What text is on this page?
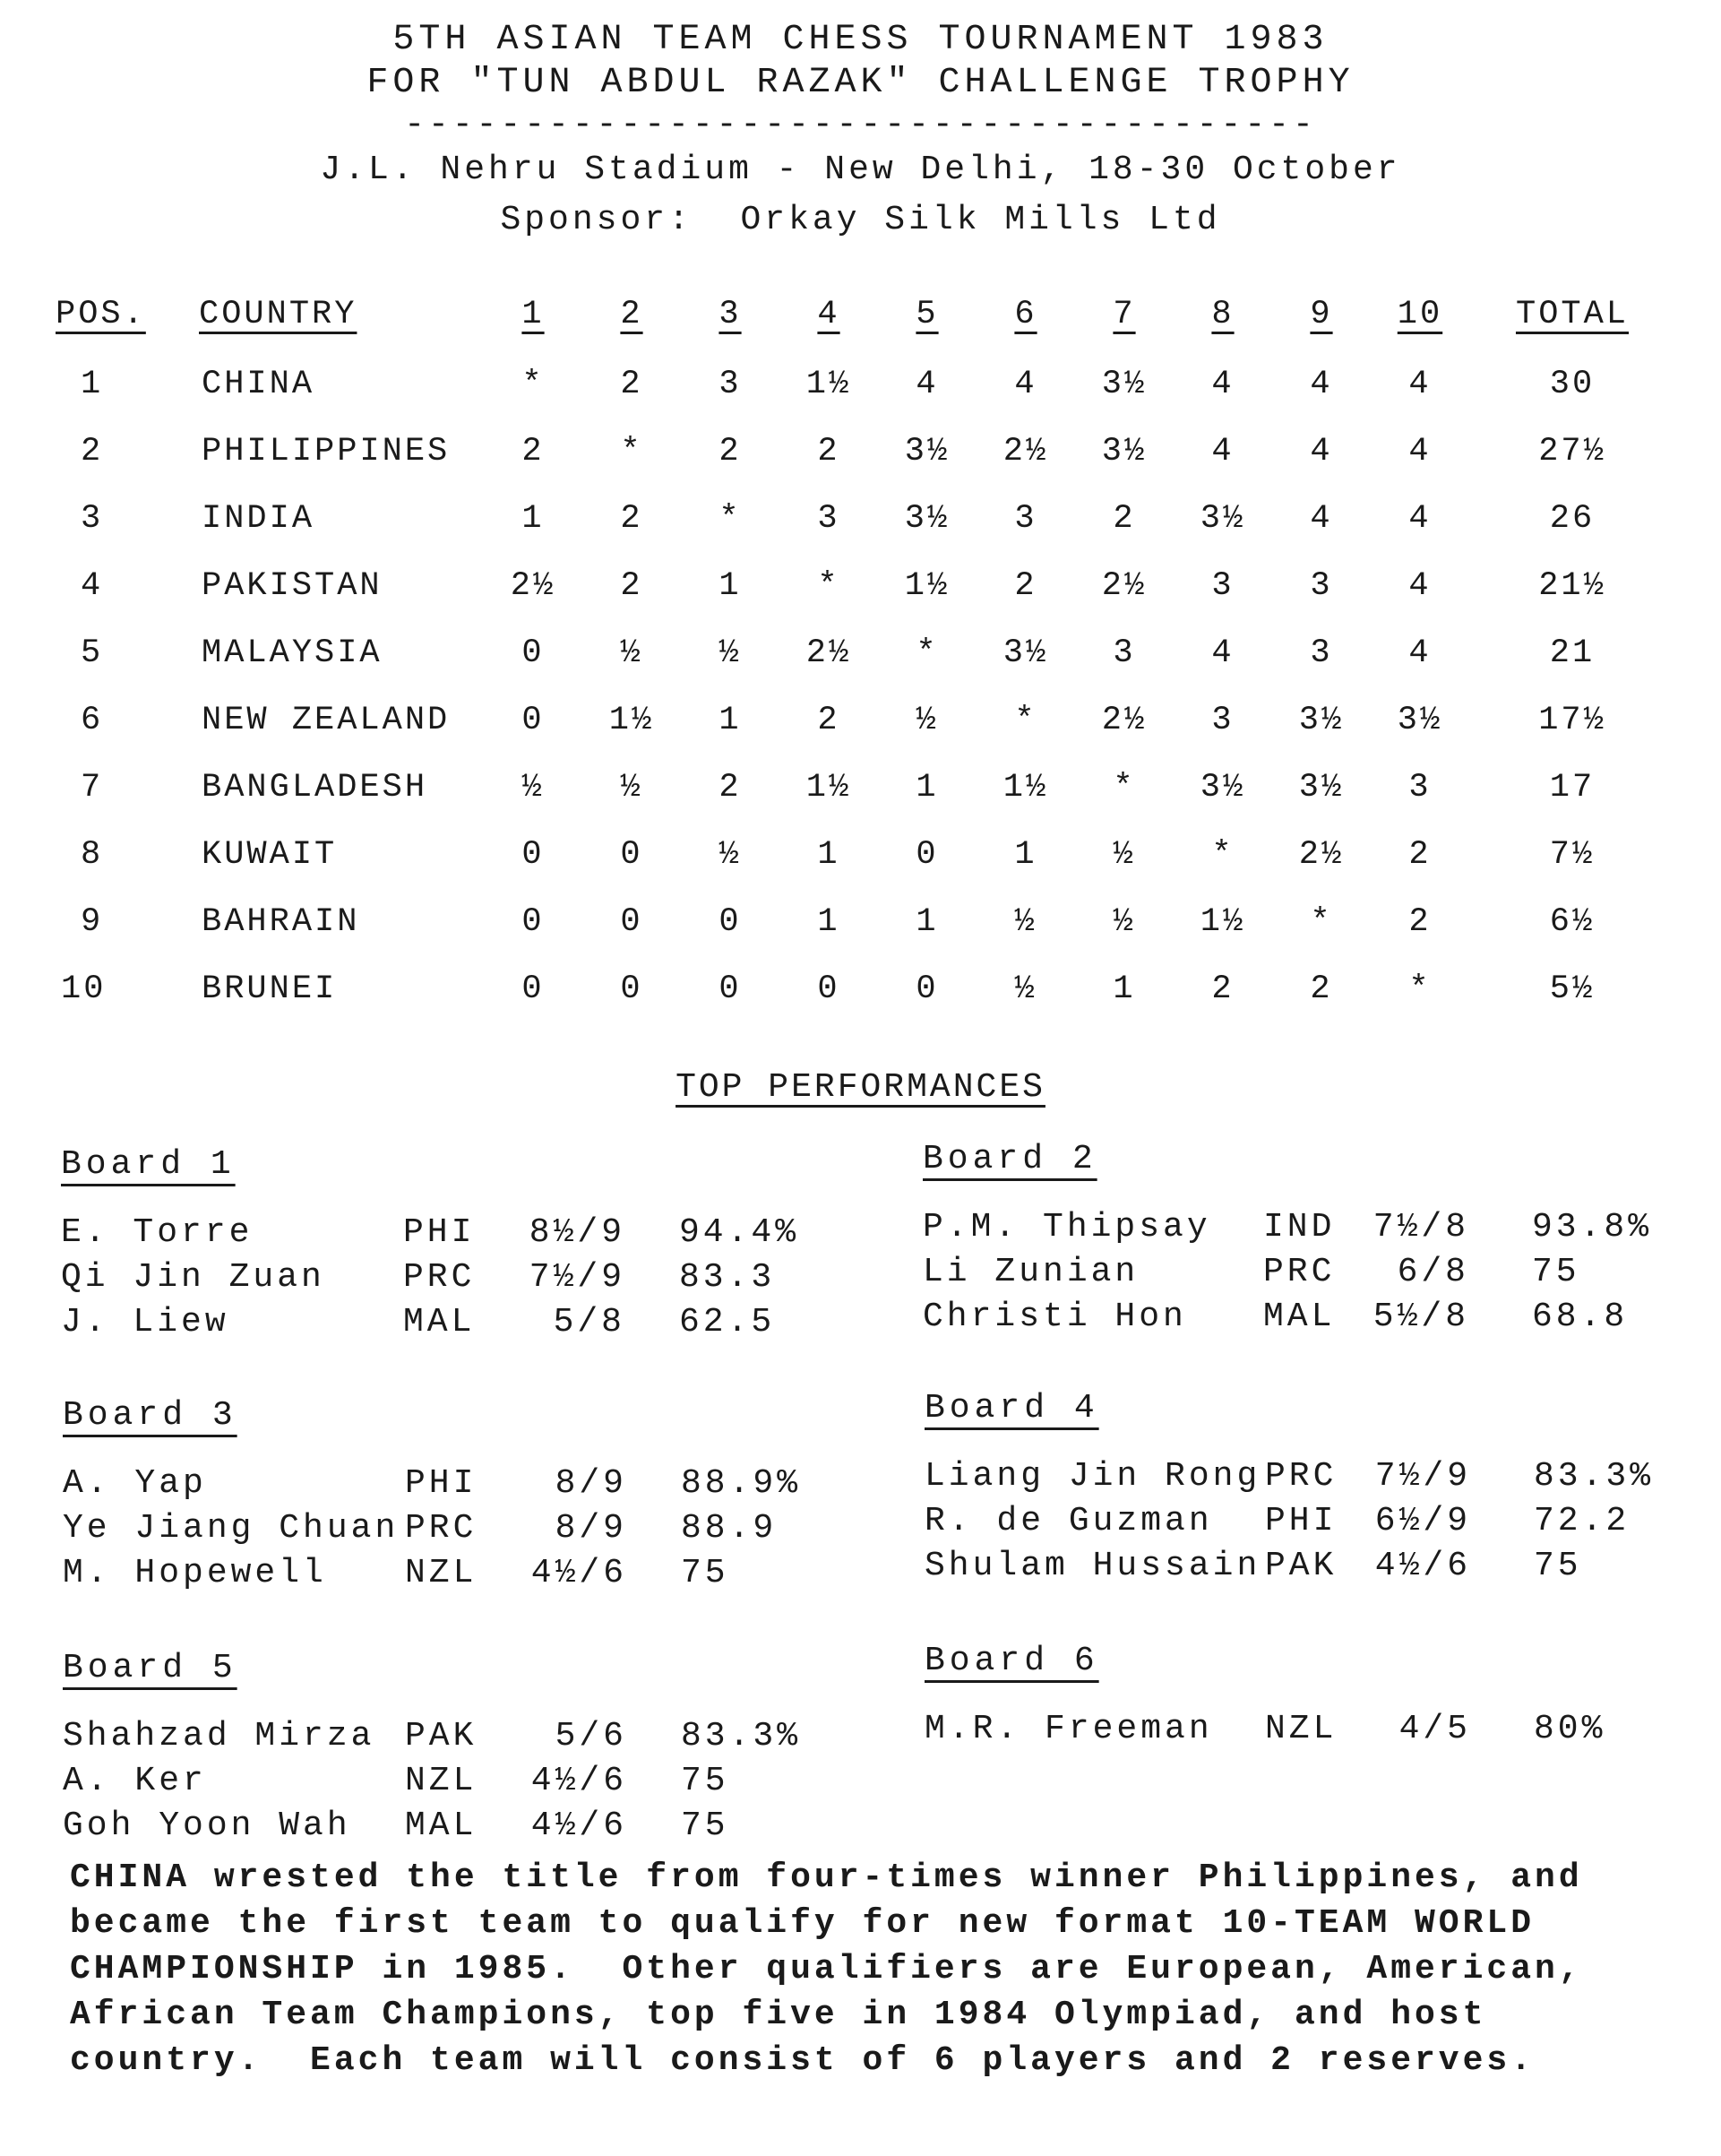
5TH ASIAN TEAM CHESS TOURNAMENT 1983
FOR "TUN ABDUL RAZAK" CHALLENGE TROPHY
--------------------------------------
J.L. Nehru Stadium - New Delhi, 18-30 October
Sponsor:  Orkay Silk Mills Ltd
POS. COUNTRY	1	2	3	4	5	6	7	8	9	10	TOTAL
1	CHINA	*	2	3	1½	4	4	3½	4	4	4	30
2	PHILIPPINES	2	*	2	2	3½	2½	3½	4	4	4	27½
3	INDIA	1	2	*	3	3½	3	2	3½	4	4	26
4	PAKISTAN	2½	2	1	*	1½	2	2½	3	3	4	21½
5	MALAYSIA	0	½	½	2½	*	3½	3	4	3	4	21
6	NEW ZEALAND	0	1½	1	2	½	*	2½	3	3½	3½	17½
7	BANGLADESH	½	½	2	1½	1	1½	*	3½	3½	3	17
8	KUWAIT	0	0	½	1	0	1	½	*	2½	2	7½
9	BAHRAIN	0	0	0	1	1	½	½	1½	*	2	6½
10	BRUNEI	0	0	0	0	0	½	1	2	2	*	5½
TOP PERFORMANCES
Board 1
E. Torre	PHI	8½/9 94.4%
Qi Jin Zuan PRC	7½/9 83.3
J. Liew	MAL	5/8 62.5
Board 2
P.M. Thipsay IND	7½/8 93.8%
Li Zunian	PRC	6/8 75
Christi Hon MAL	5½/8 68.8
Board 3
A. Yap	PHI	8/9 88.9%
Ye Jiang Chuan PRC	8/9 88.9
M. Hopewell NZL	4½/6 75
Board 4
Liang Jin Rong PRC	7½/9 83.3%
R. de Guzman PHI	6½/9 72.2
Shulam Hussain PAK	4½/6 75
Board 5
Shahzad Mirza PAK	5/6 83.3%
A. Ker	NZL	4½/6 75
Goh Yoon Wah MAL	4½/6 75
Board 6
M.R. Freeman NZL	4/5 80%
CHINA wrested the title from four-times winner Philippines, and
became the first team to qualify for new format 10-TEAM WORLD
CHAMPIONSHIP in 1985.  Other qualifiers are European, American,
African Team Champions, top five in 1984 Olympiad, and host
country.  Each team will consist of 6 players and 2 reserves.
